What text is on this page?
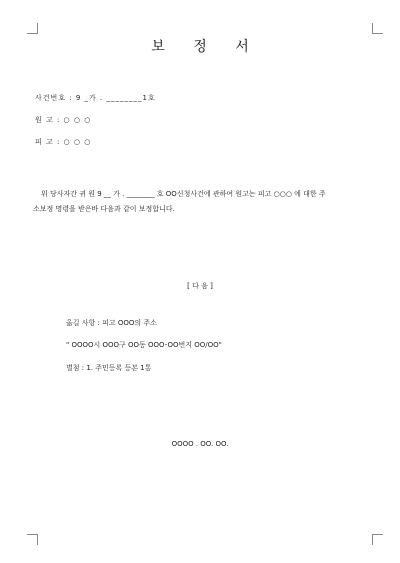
보 정 서
사건번호 : 9 _가 . ________1호
원 고 : ○ ○ ○
피 고 : ○ ○ ○

위 당사자간 귀 원 9 __ 가 . ________ 호 OO신청사건에 관하여 원고는 피고 ○○○ 에 대한 주

소보정 명령을 받은바 다음과 같이 보정합니다.

[ 다 음 ]
옮길 사항 : 피고 OOO의 주소
" OOOO시 OOO구 OO동 OOO-OO번지 OO/OO"
별첨 : 1. 주민등록 등본 1통
OOOO . OO. OO.
